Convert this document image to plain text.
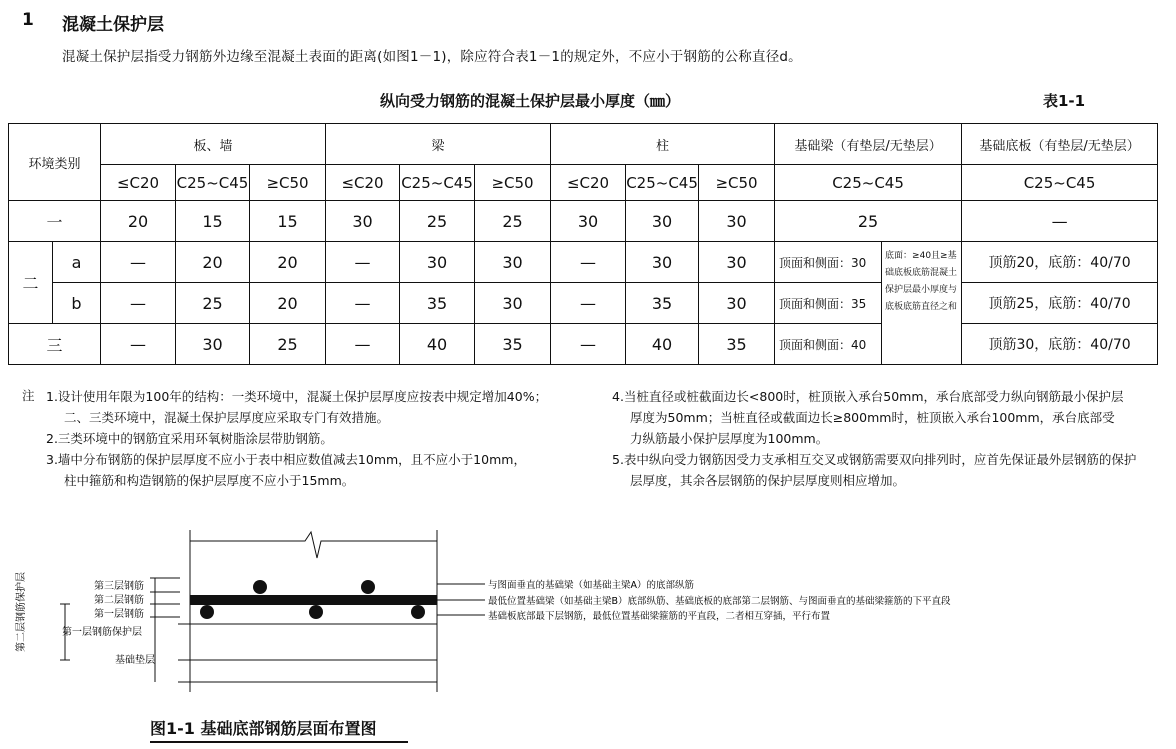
1 混凝土保护层
混凝土保护层指受力钢筋外边缘至混凝土表面的距离(如图1－1)，除应符合表1－1的规定外，不应小于钢筋的公称直径d。
纵向受力钢筋的混凝土保护层最小厚度（㎜）	表1-1
环境类别		板、墙			梁			柱			基础梁（有垫层/无垫层）		基础底板（有垫层/无垫层）
		≤C20	C25~C45	≥C50	≤C20	C25~C45	≥C50	≤C20	C25~C45	≥C50	C25~C45		C25~C45
一		20	15	15	30	25	25	30	30	30	25		—
二	a	—	20	20	—	30	30	—	30	30	顶面和侧面：30	底面：≥40且≥基础底板底筋混凝土保护层最小厚度与底板底筋直径之和	顶筋20，底筋：40/70
	b	—	25	20	—	35	30	—	35	30	顶面和侧面：35		顶筋25，底筋：40/70
三		—	30	25	—	40	35	—	40	35	顶面和侧面：40		顶筋30，底筋：40/70
注 1.设计使用年限为100年的结构：一类环境中，混凝土保护层厚度应按表中规定增加40%；
二、三类环境中，混凝土保护层厚度应采取专门有效措施。
2.三类环境中的钢筋宜采用环氧树脂涂层带肋钢筋。
3.墙中分布钢筋的保护层厚度不应小于表中相应数值减去10mm，且不应小于10mm，
柱中箍筋和构造钢筋的保护层厚度不应小于15mm。
4.当桩直径或桩截面边长<800时，桩顶嵌入承台50mm，承台底部受力纵向钢筋最小保护层
厚度为50mm；当桩直径或截面边长≥800mm时，桩顶嵌入承台100mm，承台底部受
力纵筋最小保护层厚度为100mm。
5.表中纵向受力钢筋因受力支承相互交叉或钢筋需要双向排列时，应首先保证最外层钢筋的保护
层厚度，其余各层钢筋的保护层厚度则相应增加。
第三层钢筋
第二层钢筋
第一层钢筋
第一层钢筋保护层
第二层钢筋保护层
基础垫层
与图面垂直的基础梁（如基础主梁A）的底部纵筋
最低位置基础梁（如基础主梁B）底部纵筋、基础底板的底部第二层钢筋、与图面垂直的基础梁箍筋的下平直段
基础板底部最下层钢筋，最低位置基础梁箍筋的平直段，二者相互穿插，平行布置
图1-1 基础底部钢筋层面布置图
